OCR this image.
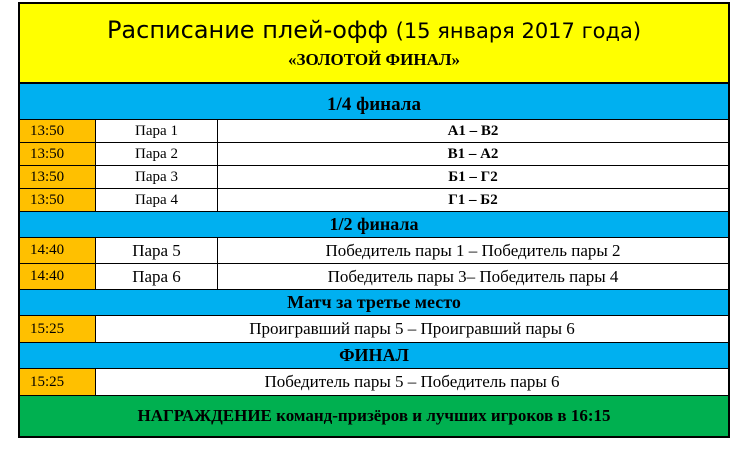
Расписание плей-офф (15 января 2017 года)
«ЗОЛОТОЙ ФИНАЛ»
1/4 финала
13:50	Пара 1	А1 – В2
13:50	Пара 2	В1 – А2
13:50	Пара 3	Б1 – Г2
13:50	Пара 4	Г1 – Б2
1/2 финала
14:40	Пара 5	Победитель пары 1 – Победитель пары 2
14:40	Пара 6	Победитель пары 3– Победитель пары 4
Матч за третье место
15:25	Проигравший пары 5 – Проигравший пары 6
ФИНАЛ
15:25	Победитель пары 5 – Победитель пары 6
НАГРАЖДЕНИЕ команд-призёров и лучших игроков в 16:15
